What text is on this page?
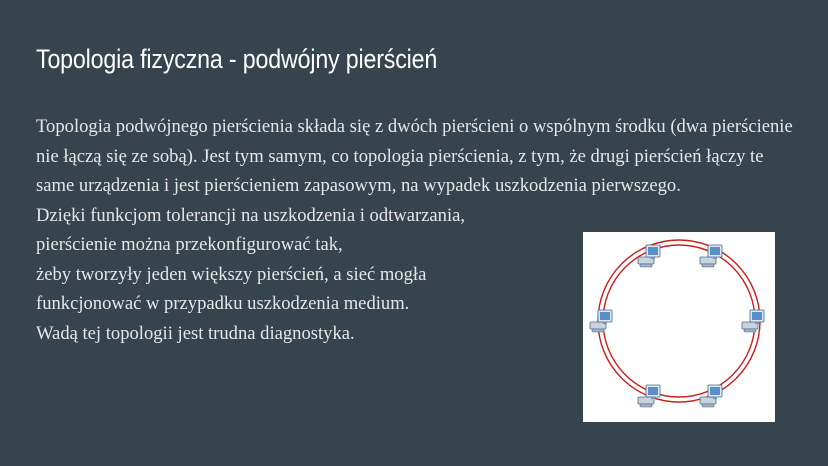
Topologia fizyczna - podwójny pierścień

Topologia podwójnego pierścienia składa się z dwóch pierścieni o wspólnym środku (dwa pierścienie nie łączą się ze sobą). Jest tym samym, co topologia pierścienia, z tym, że drugi pierścień łączy te same urządzenia i jest pierścieniem zapasowym, na wypadek uszkodzenia pierwszego.

Dzięki funkcjom tolerancji na uszkodzenia i odtwarzania,
pierścienie można przekonfigurować tak,
żeby tworzyły jeden większy pierścień, a sieć mogła
funkcjonować w przypadku uszkodzenia medium.
Wadą tej topologii jest trudna diagnostyka.
